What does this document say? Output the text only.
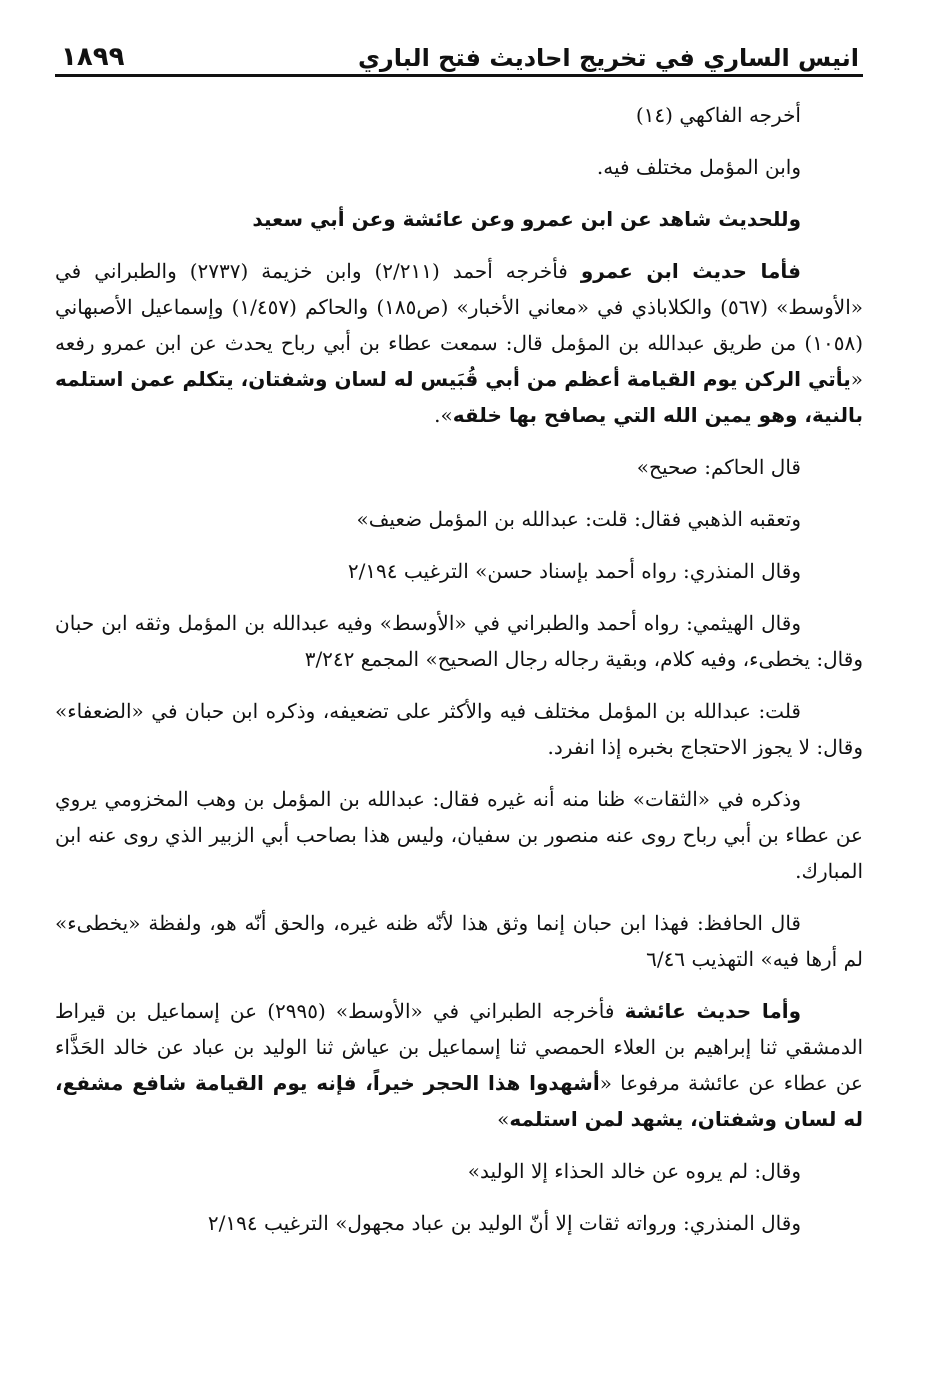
انيس الساري في تخريج احاديث فتح الباري
١٨٩٩

أخرجه الفاكهي (١٤)

وابن المؤمل مختلف فيه.

وللحديث شاهد عن ابن عمرو وعن عائشة وعن أبي سعيد

فأما حديث ابن عمرو فأخرجه أحمد (٢/٢١١) وابن خزيمة (٢٧٣٧) والطبراني في «الأوسط» (٥٦٧) والكلاباذي في «معاني الأخبار» (ص١٨٥) والحاكم (١/٤٥٧) وإسماعيل الأصبهاني (١٠٥٨) من طريق عبدالله بن المؤمل قال: سمعت عطاء بن أبي رباح يحدث عن ابن عمرو رفعه «يأتي الركن يوم القيامة أعظم من أبي قُبَيس له لسان وشفتان، يتكلم عمن استلمه بالنية، وهو يمين الله التي يصافح بها خلقه».

قال الحاكم: صحيح»

وتعقبه الذهبي فقال: قلت: عبدالله بن المؤمل ضعيف»

وقال المنذري: رواه أحمد بإسناد حسن» الترغيب ٢/١٩٤

وقال الهيثمي: رواه أحمد والطبراني في «الأوسط» وفيه عبدالله بن المؤمل وثقه ابن حبان وقال: يخطىء، وفيه كلام، وبقية رجاله رجال الصحيح» المجمع ٣/٢٤٢

قلت: عبدالله بن المؤمل مختلف فيه والأكثر على تضعيفه، وذكره ابن حبان في «الضعفاء» وقال: لا يجوز الاحتجاج بخبره إذا انفرد.

وذكره في «الثقات» ظنا منه أنه غيره فقال: عبدالله بن المؤمل بن وهب المخزومي يروي عن عطاء بن أبي رباح روى عنه منصور بن سفيان، وليس هذا بصاحب أبي الزبير الذي روى عنه ابن المبارك.

قال الحافظ: فهذا ابن حبان إنما وثق هذا لأنّه ظنه غيره، والحق أنّه هو، ولفظة «يخطىء» لم أرها فيه» التهذيب ٦/٤٦

وأما حديث عائشة فأخرجه الطبراني في «الأوسط» (٢٩٩٥) عن إسماعيل بن قيراط الدمشقي ثنا إبراهيم بن العلاء الحمصي ثنا إسماعيل بن عياش ثنا الوليد بن عباد عن خالد الحَذَّاء عن عطاء عن عائشة مرفوعا «أشهدوا هذا الحجر خيراً، فإنه يوم القيامة شافع مشفع، له لسان وشفتان، يشهد لمن استلمه»

وقال: لم يروه عن خالد الحذاء إلا الوليد»

وقال المنذري: ورواته ثقات إلا أنّ الوليد بن عباد مجهول» الترغيب ٢/١٩٤
